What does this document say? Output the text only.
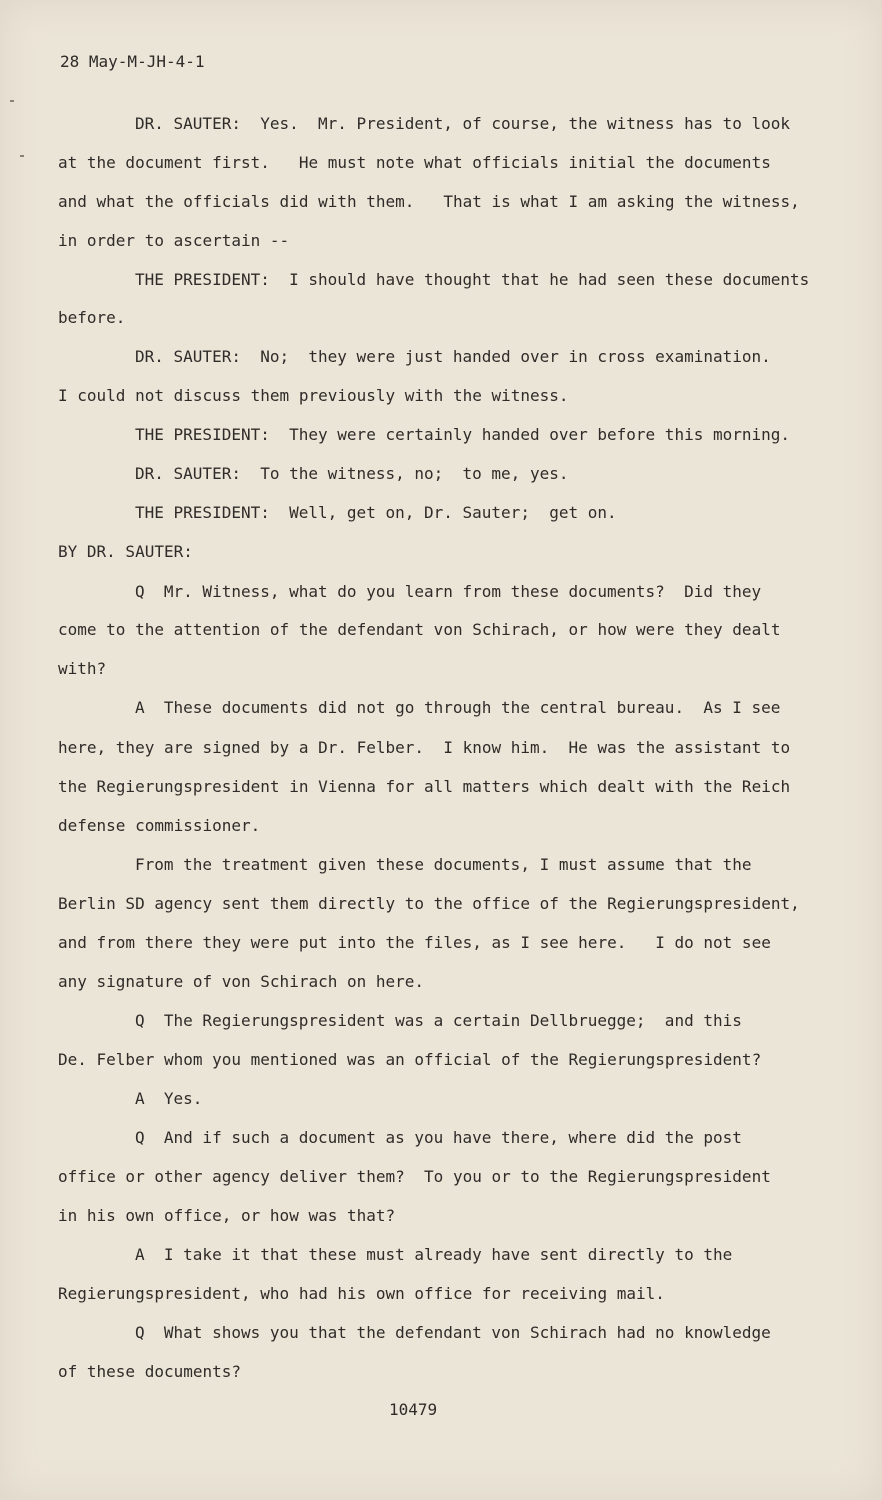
28 May-M-JH-4-1
DR. SAUTER:  Yes.  Mr. President, of course, the witness has to look
at the document first.   He must note what officials initial the documents
and what the officials did with them.   That is what I am asking the witness,
in order to ascertain --
THE PRESIDENT:  I should have thought that he had seen these documents
before.
DR. SAUTER:  No;  they were just handed over in cross examination.
I could not discuss them previously with the witness.
THE PRESIDENT:  They were certainly handed over before this morning.
DR. SAUTER:  To the witness, no;  to me, yes.
THE PRESIDENT:  Well, get on, Dr. Sauter;  get on.
BY DR. SAUTER:
Q  Mr. Witness, what do you learn from these documents?  Did they
come to the attention of the defendant von Schirach, or how were they dealt
with?
A  These documents did not go through the central bureau.  As I see
here, they are signed by a Dr. Felber.  I know him.  He was the assistant to
the Regierungspresident in Vienna for all matters which dealt with the Reich
defense commissioner.
From the treatment given these documents, I must assume that the
Berlin SD agency sent them directly to the office of the Regierungspresident,
and from there they were put into the files, as I see here.   I do not see
any signature of von Schirach on here.
Q  The Regierungspresident was a certain Dellbruegge;  and this
De. Felber whom you mentioned was an official of the Regierungspresident?
A  Yes.
Q  And if such a document as you have there, where did the post
office or other agency deliver them?  To you or to the Regierungspresident
in his own office, or how was that?
A  I take it that these must already have sent directly to the
Regierungspresident, who had his own office for receiving mail.
Q  What shows you that the defendant von Schirach had no knowledge
of these documents?
10479
